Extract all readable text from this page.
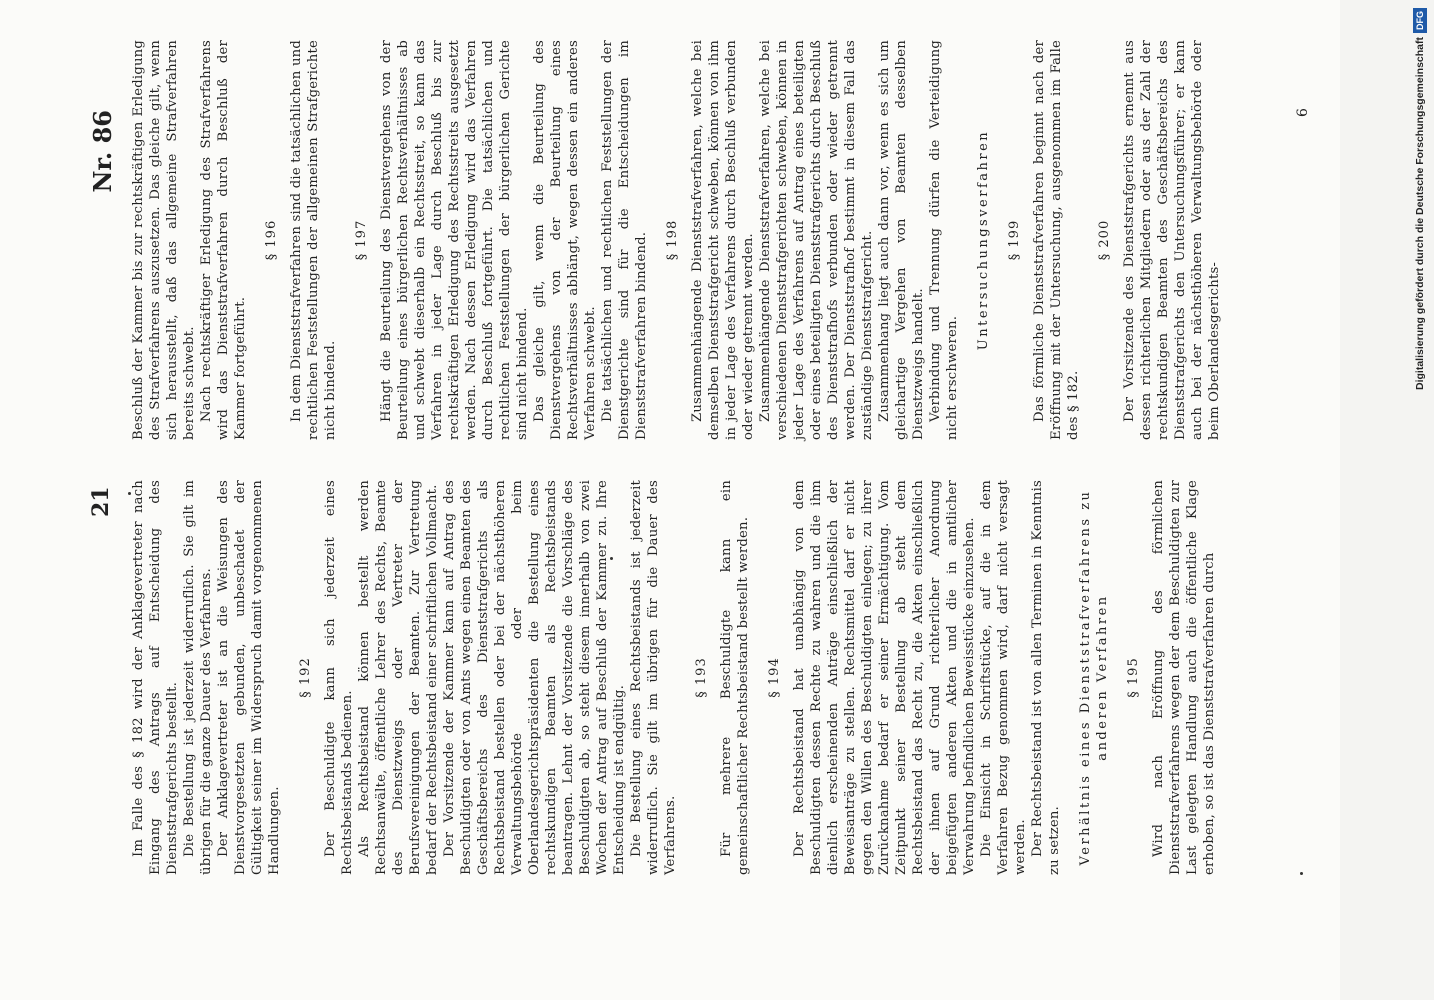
21
Nr. 86

Im Falle des § 182 wird der Anklagevertreter nach Eingang des Antrags auf Entscheidung des Dienststrafgerichts bestellt. Die Bestellung ist jederzeit widerruflich. Sie gilt im übrigen für die ganze Dauer des Verfahrens. Der Anklagevertreter ist an die Weisungen des Dienstvorgesetzten gebunden, unbeschadet der Gültigkeit seiner im Widerspruch damit vorgenommenen Handlungen.

§ 192 Der Beschuldigte kann sich jederzeit eines Rechtsbeistands bedienen. Als Rechtsbeistand können bestellt werden Rechtsanwälte, öffentliche Lehrer des Rechts, Beamte des Dienstzweigs oder Vertreter der Berufsvereinigungen der Beamten. Zur Vertretung bedarf der Rechtsbeistand einer schriftlichen Vollmacht. Der Vorsitzende der Kammer kann auf Antrag des Beschuldigten oder von Amts wegen einen Beamten des Geschäftsbereichs des Dienststrafgerichts als Rechtsbeistand bestellen oder bei der nächsthöheren Verwaltungsbehörde oder beim Oberlandesgerichtspräsidenten die Bestellung eines rechtskundigen Beamten als Rechtsbeistands beantragen. Lehnt der Vorsitzende die Vorschläge des Beschuldigten ab, so steht diesem innerhalb von zwei Wochen der Antrag auf Beschluß der Kammer zu. Ihre Entscheidung ist endgültig. Die Bestellung eines Rechtsbeistands ist jederzeit widerruflich. Sie gilt im übrigen für die Dauer des Verfahrens.

§ 193 Für mehrere Beschuldigte kann ein gemeinschaftlicher Rechtsbeistand bestellt werden. § 194 Der Rechtsbeistand hat unabhängig von dem Beschuldigten dessen Rechte zu wahren und die ihm dienlich erscheinenden Anträge einschließlich der Beweisanträge zu stellen. Rechtsmittel darf er nicht gegen den Willen des Beschuldigten einlegen; zu ihrer Zurücknahme bedarf er seiner Ermächtigung. Vom Zeitpunkt seiner Bestellung ab steht dem Rechtsbeistand das Recht zu, die Akten einschließlich der ihnen auf Grund richterlicher Anordnung beigefügten anderen Akten und die in amtlicher Verwahrung befindlichen Beweisstücke einzusehen. Die Einsicht in Schriftstücke, auf die in dem Verfahren Bezug genommen wird, darf nicht versagt werden. Der Rechtsbeistand ist von allen Terminen in Kenntnis zu setzen. Verhältnis eines Dienststrafverfahrens zu anderen Verfahren § 195 Wird nach Eröffnung des förmlichen Dienststrafverfahrens wegen der dem Beschuldigten zur Last gelegten Handlung auch die öffentliche Klage erhoben, so ist das Dienststrafverfahren durch

Beschluß der Kammer bis zur rechtskräftigen Erledigung des Strafverfahrens auszusetzen. Das gleiche gilt, wenn sich herausstellt, daß das allgemeine Strafverfahren bereits schwebt. Nach rechtskräftiger Erledigung des Strafverfahrens wird das Dienststrafverfahren durch Beschluß der Kammer fortgeführt.

§ 196 In dem Dienststrafverfahren sind die tatsächlichen und rechtlichen Feststellungen der allgemeinen Strafgerichte nicht bindend.

§ 197 Hängt die Beurteilung des Dienstvergehens von der Beurteilung eines bürgerlichen Rechtsverhältnisses ab und schwebt dieserhalb ein Rechtsstreit, so kann das Verfahren in jeder Lage durch Beschluß bis zur rechtskräftigen Erledigung des Rechtsstreits ausgesetzt werden. Nach dessen Erledigung wird das Verfahren durch Beschluß fortgeführt. Die tatsächlichen und rechtlichen Feststellungen der bürgerlichen Gerichte sind nicht bindend. Das gleiche gilt, wenn die Beurteilung des Dienstvergehens von der Beurteilung eines Rechtsverhältnisses abhängt, wegen dessen ein anderes Verfahren schwebt. Die tatsächlichen und rechtlichen Feststellungen der Dienstgerichte sind für die Entscheidungen im Dienststrafverfahren bindend. § 198 Zusammenhängende Dienststrafverfahren, welche bei demselben Dienststrafgericht schweben, können von ihm in jeder Lage des Verfahrens durch Beschluß verbunden oder wieder getrennt werden. Zusammenhängende Dienststrafverfahren, welche bei verschiedenen Dienststrafgerichten schweben, können in jeder Lage des Verfahrens auf Antrag eines beteiligten oder eines beteiligten Dienststrafgerichts durch Beschluß des Dienststrafhofs verbunden oder wieder getrennt werden. Der Dienststrafhof bestimmt in diesem Fall das zuständige Dienststrafgericht. Zusammenhang liegt auch dann vor, wenn es sich um gleichartige Vergehen von Beamten desselben Dienstzweigs handelt. Verbindung und Trennung dürfen die Verteidigung nicht erschweren.

Untersuchungsverfahren § 199 Das förmliche Dienststrafverfahren beginnt nach der Eröffnung mit der Untersuchung, ausgenommen im Falle des § 182.

§ 200 Der Vorsitzende des Dienststrafgerichts ernennt aus dessen richterlichen Mitgliedern oder aus der Zahl der rechtskundigen Beamten des Geschäftsbereichs des Dienststrafgerichts den Untersuchungsführer; er kann auch bei der nächsthöheren Verwaltungsbehörde oder beim Oberlandesgerichts-

6	Digitalisierung gefördert durch die Deutsche Forschungsgemeinschaft
DFG
